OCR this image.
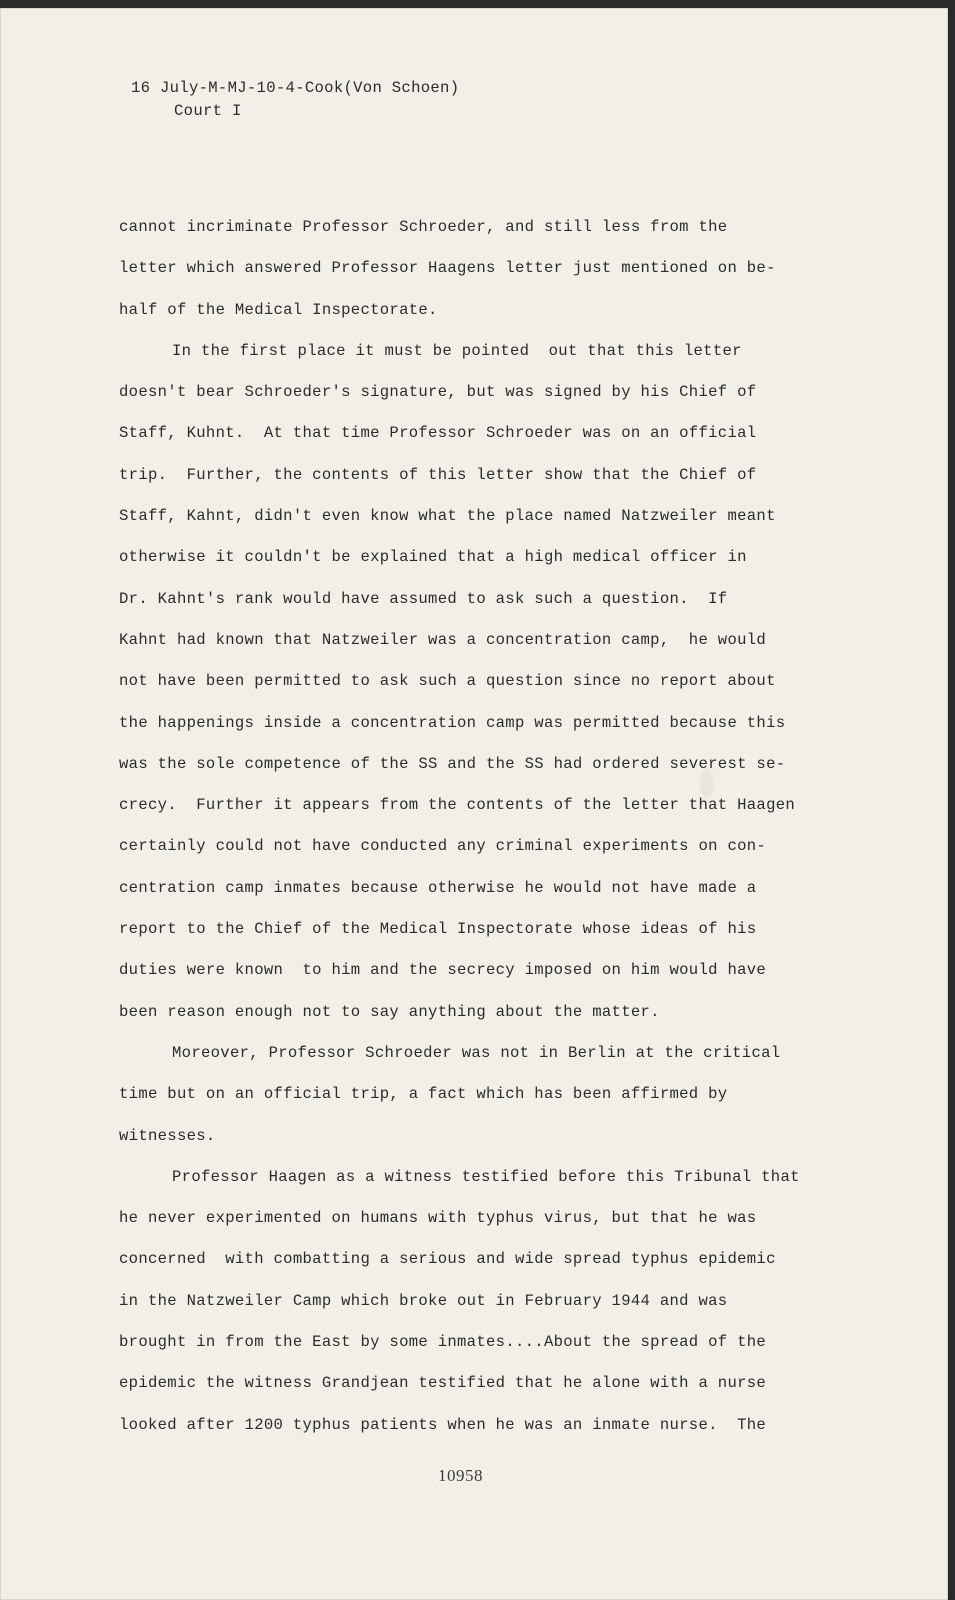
16 July-M-MJ-10-4-Cook(Von Schoen)
Court I
cannot incriminate Professor Schroeder, and still less from the
letter which answered Professor Haagens letter just mentioned on be-
half of the Medical Inspectorate.
In the first place it must be pointed  out that this letter
doesn't bear Schroeder's signature, but was signed by his Chief of
Staff, Kuhnt.  At that time Professor Schroeder was on an official
trip.  Further, the contents of this letter show that the Chief of
Staff, Kahnt, didn't even know what the place named Natzweiler meant
otherwise it couldn't be explained that a high medical officer in
Dr. Kahnt's rank would have assumed to ask such a question.  If
Kahnt had known that Natzweiler was a concentration camp,  he would
not have been permitted to ask such a question since no report about
the happenings inside a concentration camp was permitted because this
was the sole competence of the SS and the SS had ordered severest se-
crecy.  Further it appears from the contents of the letter that Haagen
certainly could not have conducted any criminal experiments on con-
centration camp inmates because otherwise he would not have made a
report to the Chief of the Medical Inspectorate whose ideas of his
duties were known  to him and the secrecy imposed on him would have
been reason enough not to say anything about the matter.
Moreover, Professor Schroeder was not in Berlin at the critical
time but on an official trip, a fact which has been affirmed by
witnesses.
Professor Haagen as a witness testified before this Tribunal that
he never experimented on humans with typhus virus, but that he was
concerned  with combatting a serious and wide spread typhus epidemic
in the Natzweiler Camp which broke out in February 1944 and was
brought in from the East by some inmates....About the spread of the
epidemic the witness Grandjean testified that he alone with a nurse
looked after 1200 typhus patients when he was an inmate nurse.  The
10958
